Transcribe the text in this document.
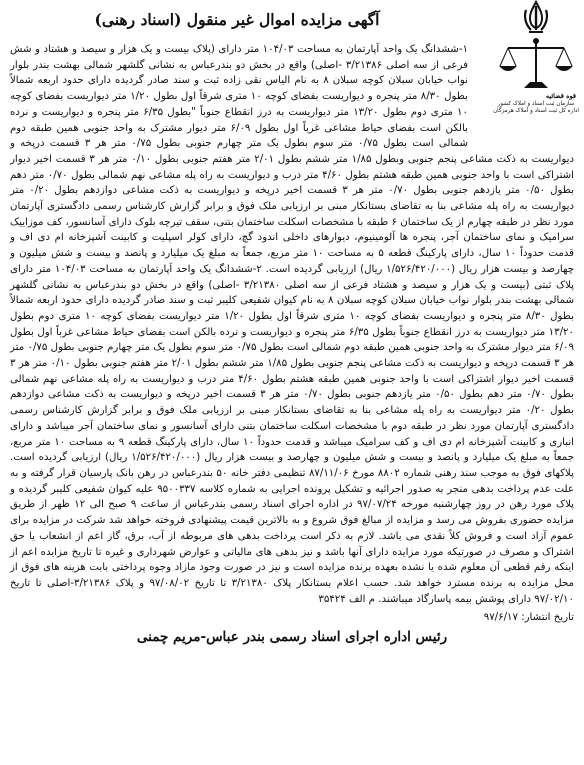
آگهی مزایده اموال غیر منقول (اسناد رهنی)
قوه قضائیه
سازمان ثبت اسناد و املاک کشور
اداره کل ثبت اسناد و املاک هرمزگان

۱-ششدانگ یک واحد آپارتمان به مساحت ۱۰۴/۰۳ متر دارای (پلاک بیست و یک هزار و سیصد و هشتاد و شش فرعی از سه اصلی ۳/۲۱۳۸۶ -اصلی) واقع در بخش دو بندرعباس به نشانی گلشهر شمالی بهشت بندر بلوار نواب خیابان سبلان کوچه سبلان ۸ به نام الیاس نقی زاده ثبت و سند صادر گردیده دارای حدود اربعه شمالاً بطول ۸/۳۰ متر پنجره و دیواریست بفضای کوچه ۱۰ متری شرقاً اول بطول ۱/۲۰ متر دیواریست بفضای کوچه ۱۰ متری دوم بطول ۱۳/۲۰ متر دیواریست به درز انقطاع جنوباً "بطول ۶/۳۵ متر پنجره و دیواریست و نرده بالکن است بفضای حیاط مشاعی غرباً اول بطول ۶/۰۹ متر دیوار مشترک به واحد جنوبی همین طبقه دوم شمالی است بطول ۰/۷۵ متر سوم بطول یک متر چهارم جنوبی بطول ۰/۷۵ متر هر ۳ قسمت درپخه و دیواریست به ذکت مشاعی پنجم جنوبی وبطول ۱/۸۵ متر ششم بطول ۲/۰۱ متر هفتم جنوبی بطول ۰/۱۰ متر هر ۳ قسمت اخیر دیوار اشتراکی است با واحد جنوبی همین طبقه هشتم بطول ۴/۶۰ متر درب و دیواریست به راه پله مشاعی نهم شمالی بطول ۰/۷۰ متر دهم بطول ۰/۵۰ متر یازدهم جنوبی بطول ۰/۷۰ متر هر ۳ قسمت اخیر درپخه و دیواریست به ذکت مشاعی دوازدهم بطول ۰/۲۰ متر دیواریست به راه پله مشاعی بنا به تقاضای بستانکار مبنی بر ارزیابی ملک فوق و برابر گزارش کارشناس رسمی دادگستری آپارتمان مورد نظر در طبقه چهارم از یک ساختمان ۶ طبقه با مشخصات اسکلت ساختمان بتنی، سقف تیرچه بلوک دارای آسانسور، کف موزاییک سرامیک و نمای ساختمان آجر، پنجره ها آلومینیوم، دیوارهای داخلی اندود گچ، دارای کولر اسپلیت و کابینت آشپزخانه ام دی اف و قدمت حدوداً ۱۰ سال، دارای پارکینگ قطعه ۵ به مساحت ۱۰ متر مربع، جمعاً به مبلغ یک میلیارد و پانصد و بیست و شش میلیون و چهارصد و بیست هزار ریال (۱/۵۲۶/۴۲۰/۰۰۰ ریال) ارزیابی گردیده است. ۲-ششدانگ یک واحد آپارتمان به مساحت ۱۰۴/۰۳ متر دارای پلاک ثبتی (بیست و یک هزار و سیصد و هشتاد فرعی از سه اصلی ۳/۲۱۳۸۰ -اصلی) واقع در بخش دو بندرعباس به نشانی گلشهر شمالی بهشت بندر بلوار نواب خیابان سبلان کوچه سبلان ۸ به نام کیوان شفیعی کلیبر ثبت و سند صادر گردیده دارای حدود اربعه شمالاً بطول ۸/۳۰ متر پنجره و دیواریست بفضای کوچه ۱۰ متری شرقاً اول بطول ۱/۲۰ متر دیواریست بفضای کوچه ۱۰ متری دوم بطول ۱۳/۲۰ متر دیواریست به درز انقطاع جنوباً بطول ۶/۳۵ متر پنجره و دیواریست و نرده بالکن است بفضای حیاط مشاعی غرباً اول بطول ۶/۰۹ متر دیوار مشترک به واحد جنوبی همین طبقه دوم شمالی است بطول ۰/۷۵ متر سوم بطول یک متر چهارم جنوبی بطول ۰/۷۵ متر هر ۳ قسمت درپخه و دیواریست به ذکت مشاعی پنجم جنوبی بطول ۱/۸۵ متر ششم بطول ۲/۰۱ متر هفتم جنوبی بطول ۰/۱۰ متر هر ۳ قسمت اخیر دیوار اشتراکی است با واحد جنوبی همین طبقه هشتم بطول ۴/۶۰ متر درب و دیواریست به راه پله مشاعی نهم شمالی بطول ۰/۷۰ متر دهم بطول ۰/۵۰ متر یازدهم جنوبی بطول ۰/۷۰ متر هر ۳ قسمت اخیر درپخه و دیواریست به ذکت مشاعی دوازدهم بطول ۰/۲۰ متر دیواریست به راه پله مشاعی بنا به تقاضای بستانکار مبنی بر ارزیابی ملک فوق و برابر گزارش کارشناس رسمی دادگستری آپارتمان مورد نظر در طبقه دوم با مشخصات اسکلت ساختمان بتنی دارای آسانسور و نمای ساختمان آجر میباشد و دارای انباری و کابینت آشپزخانه ام دی اف و کف سرامیک میباشد و قدمت حدوداً ۱۰ سال، دارای پارکینگ قطعه ۹ به مساحت ۱۰ متر مربع، جمعاً به مبلغ یک میلیارد و پانصد و بیست و شش میلیون و چهارصد و بیست هزار ریال (۱/۵۲۶/۴۲۰/۰۰۰ ریال) ارزیابی گردیده است. پلاکهای فوق به موجب سند رهنی شماره ۸۸۰۲ مورخ ۸۷/۱۱/۰۶ تنظیمی دفتر خانه ۵۰ بندرعباس در رهن بانک پارسیان قرار گرفته و به علت عدم پرداخت بدهی منجر به صدور اجرائیه و تشکیل پرونده اجرایی به شماره کلاسه ۹۵۰۰۳۳۷ علیه کیوان شفیعی کلیبر گردیده و پلاک مورد رهن در روز چهارشنبه مورخه ۹۷/۰۷/۲۴ در اداره اجرای اسناد رسمی بندرعباس از ساعت ۹ صبح الی ۱۲ ظهر از طریق مزایده حضوری بفروش می رسد و مزایده از مبالغ فوق شروع و به بالاترین قیمت پیشنهادی فروخته خواهد شد شرکت در مزایده برای عموم آزاد است و فروش کلاً نقدی می باشد. لازم به ذکر است پرداخت بدهی های مربوطه از آب، برق، گاز اعم از انشعاب یا حق اشتراک و مصرف در صورتیکه مورد مزایده دارای آنها باشد و نیز بدهی های مالیاتی و عوارض شهرداری و غیره تا تاریخ مزایده اعم از اینکه رقم قطعی آن معلوم شده یا نشده بعهده برنده مزایده است و نیز در صورت وجود مازاد وجوه پرداختی بابت هزینه های فوق از محل مزایده به برنده مسترد خواهد شد. حسب اعلام بستانکار پلاک ۳/۲۱۳۸۰ تا تاریخ ۹۷/۰۸/۰۲ و پلاک ۳/۲۱۳۸۶-اصلی تا تاریخ ۹۷/۰۲/۱۰ دارای پوشش بیمه پاسارگاد میباشند. م الف ۳۵۴۲۴

تاریخ انتشار: ۹۷/۶/۱۷
رئیس اداره اجرای اسناد رسمی بندر عباس-مریم چمنی
